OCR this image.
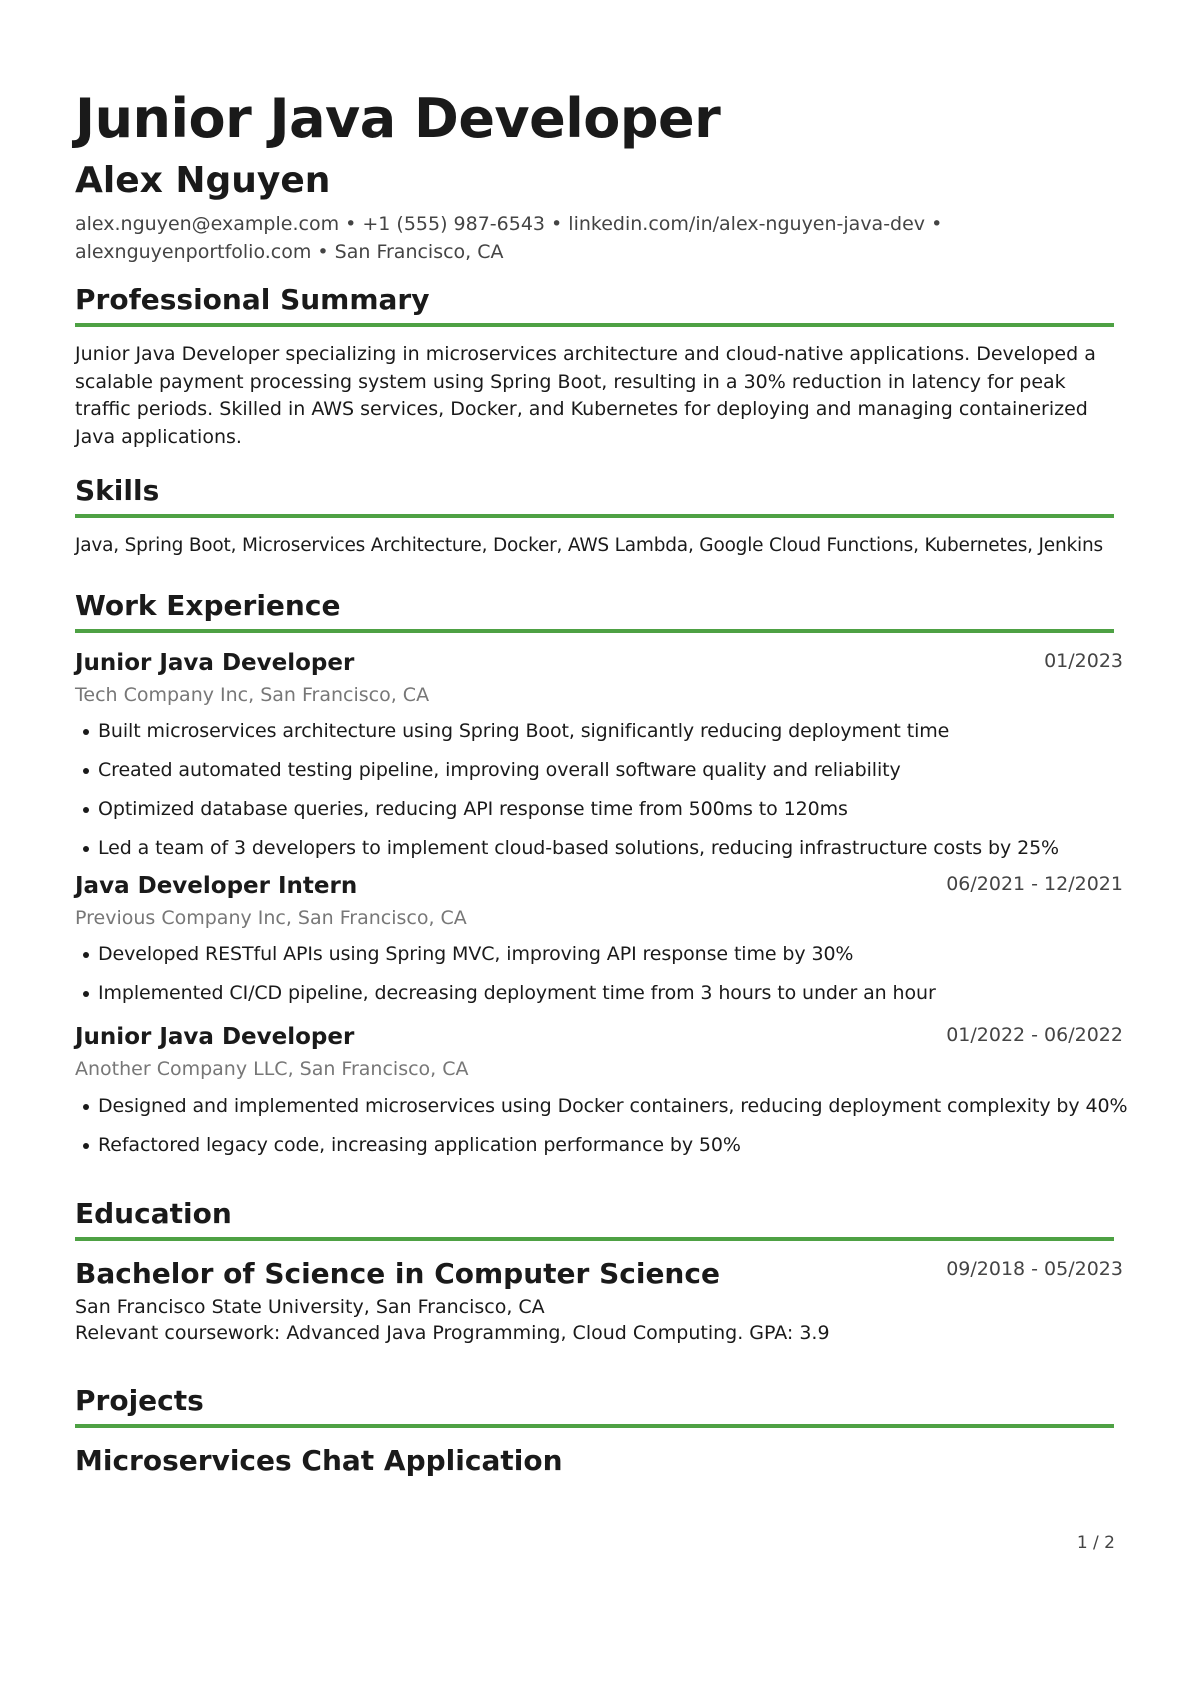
Junior Java Developer
Alex Nguyen
alex.nguyen@example.com • +1 (555) 987-6543 • linkedin.com/in/alex-nguyen-java-dev •
alexnguyenportfolio.com • San Francisco, CA
Professional Summary
Junior Java Developer specializing in microservices architecture and cloud-native applications. Developed a scalable payment processing system using Spring Boot, resulting in a 30% reduction in latency for peak traffic periods. Skilled in AWS services, Docker, and Kubernetes for deploying and managing containerized Java applications.
Skills
Java, Spring Boot, Microservices Architecture, Docker, AWS Lambda, Google Cloud Functions, Kubernetes, Jenkins
Work Experience
Junior Java Developer	01/2023
Tech Company Inc, San Francisco, CA
Built microservices architecture using Spring Boot, significantly reducing deployment time
Created automated testing pipeline, improving overall software quality and reliability
Optimized database queries, reducing API response time from 500ms to 120ms
Led a team of 3 developers to implement cloud-based solutions, reducing infrastructure costs by 25%
Java Developer Intern	06/2021 - 12/2021
Previous Company Inc, San Francisco, CA
Developed RESTful APIs using Spring MVC, improving API response time by 30%
Implemented CI/CD pipeline, decreasing deployment time from 3 hours to under an hour
Junior Java Developer	01/2022 - 06/2022
Another Company LLC, San Francisco, CA
Designed and implemented microservices using Docker containers, reducing deployment complexity by 40%
Refactored legacy code, increasing application performance by 50%
Education
Bachelor of Science in Computer Science	09/2018 - 05/2023
San Francisco State University, San Francisco, CA
Relevant coursework: Advanced Java Programming, Cloud Computing. GPA: 3.9
Projects
Microservices Chat Application
1 / 2
